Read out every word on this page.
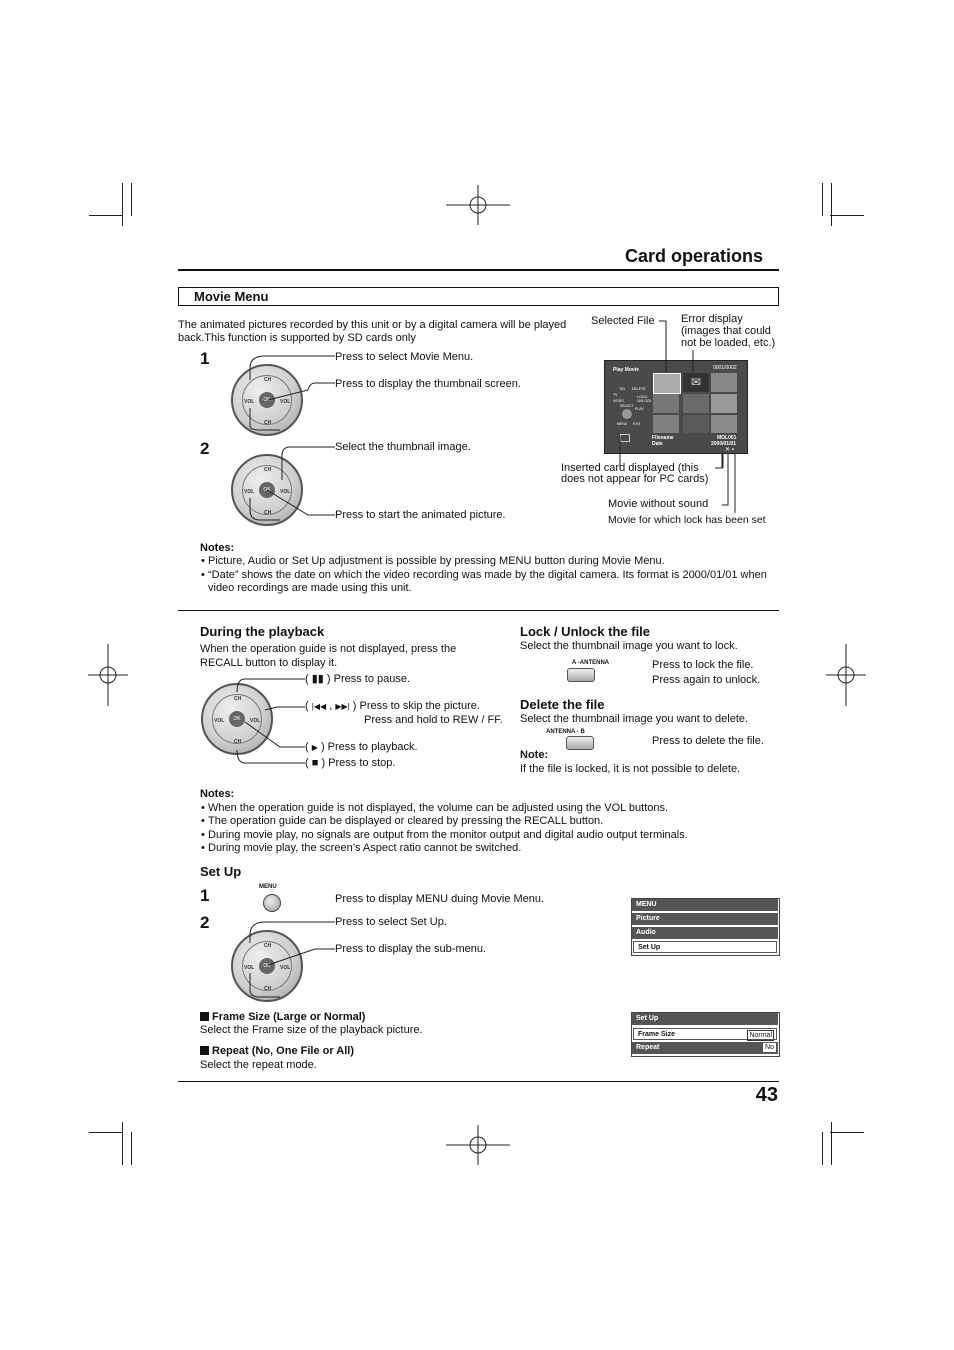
Card operations
Movie Menu
The animated pictures recorded by this unit or by a digital camera will be played
back.This function is supported by SD cards only
1
CH
CH
VOL	VOL
OK
Press to select Movie Menu.
Press to display the thumbnail screen.
2
CH
CH
VOL	VOL
OK
Select the thumbnail image.
Press to start the animated picture.
Play Movie	0001/0002
SD DELETE
TV
VIDEO
LOCK/
UNLOCK
SELECT
PLAY
MENU EXIT
✉
Filename
Date
MOL001
2000/01/01
✕ ▪
Selected File Error display
(images that could
not be loaded, etc.)
Inserted card displayed (this
does not appear for PC cards)
Movie without sound
Movie for which lock has been set
Notes:
• Picture, Audio or Set Up adjustment is possible by pressing MENU button during Movie Menu.
• “Date” shows the date on which the video recording was made by the digital camera. Its format is 2000/01/01 when
video recordings are made using this unit.
During the playback
When the operation guide is not displayed, press the
RECALL button to display it.
CH
CH
VOL	VOL
OK
( ▮▮ ) Press to pause.
( |◀◀ , ▶▶| ) Press to skip the picture.
Press and hold to REW / FF.
( ▶ ) Press to playback.
( ■ ) Press to stop.
Lock / Unlock the file
Select the thumbnail image you want to lock.
A -ANTENNA	Press to lock the file.
Press again to unlock.
Delete the file
Select the thumbnail image you want to delete.
ANTENNA - B
Press to delete the file.
Note:
If the file is locked, it is not possible to delete.
Notes:
• When the operation guide is not displayed, the volume can be adjusted using the VOL buttons.
• The operation guide can be displayed or cleared by pressing the RECALL button.
• During movie play, no signals are output from the monitor output and digital audio output terminals.
• During movie play, the screen’s Aspect ratio cannot be switched.
Set Up
1
2
MENU
Press to display MENU duing Movie Menu.
Press to select Set Up.
Press to display the sub-menu.
CH
CH
VOL	VOL
OK
Frame Size (Large or Normal)
Select the Frame size of the playback picture.
Repeat (No, One File or All)
Select the repeat mode.
MENU
Picture
Audio
Set Up
Set Up
Frame Size	Normal
Repeat	No
43
